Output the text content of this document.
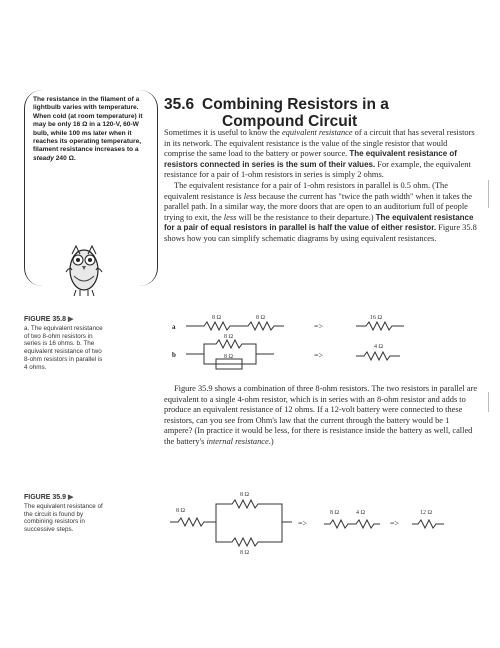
The resistance in the filament of a lightbulb varies with temperature. When cold (at room temperature) it may be only 16 Ω in a 120-V, 60-W bulb, while 100 ms later when it reaches its operating temperature, filament resistance increases to a steady 240 Ω.
35.6 Combining Resistors in a
Compound Circuit

Sometimes it is useful to know the equivalent resistance of a circuit that has several resistors in its network. The equivalent resistance is the value of the single resistor that would comprise the same load to the battery or power source. The equivalent resistance of resistors connected in series is the sum of their values. For example, the equivalent resistance for a pair of 1-ohm resistors in series is simply 2 ohms.

The equivalent resistance for a pair of 1-ohm resistors in parallel is 0.5 ohm. (The equivalent resistance is less because the current has "twice the path width" when it takes the parallel path. In a similar way, the more doors that are open to an auditorium full of people trying to exit, the less will be the resistance to their departure.) The equivalent resistance for a pair of equal resistors in parallel is half the value of either resistor. Figure 35.8 shows how you can simplify schematic diagrams by using equivalent resistances.

FIGURE 35.8 ▶
a. The equivalent resistance of two 8-ohm resistors in series is 16 ohms. b. The equivalent resistance of two 8-ohm resistors in parallel is 4 ohms.
a
b
8 Ω	8 Ω	16 Ω
8 Ω
8 Ω
4 Ω
=>
=>

Figure 35.9 shows a combination of three 8-ohm resistors. The two resistors in parallel are equivalent to a single 4-ohm resistor, which is in series with an 8-ohm resistor and adds to produce an equivalent resistance of 12 ohms. If a 12-volt battery were connected to these resistors, can you see from Ohm's law that the current through the battery would be 1 ampere? (In practice it would be less, for there is resistance inside the battery as well, called the battery's internal resistance.)

FIGURE 35.9 ▶
The equivalent resistance of the circuit is found by combining resistors in successive steps.
8 Ω
8 Ω
8 Ω
8 Ω	4 Ω	12 Ω
=>	=>
